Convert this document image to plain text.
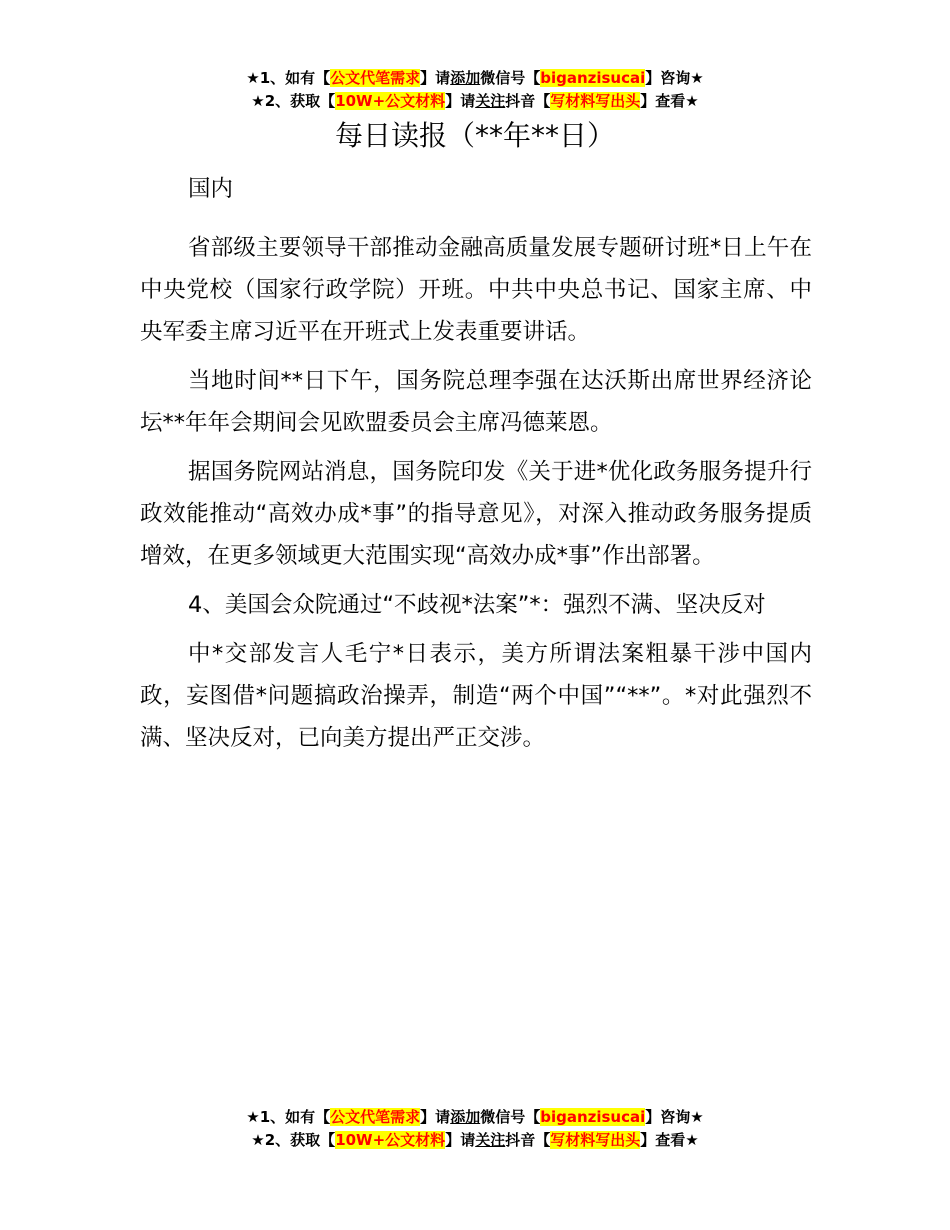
★1、如有【公文代笔需求】请添加微信号【biganzisucai】咨询★
★2、获取【10W+公文材料】请关注抖音【写材料写出头】查看★
每日读报（**年**日）

国内

省部级主要领导干部推动金融高质量发展专题研讨班*日上午在中央党校（国家行政学院）开班。中共中央总书记、国家主席、中央军委主席习近平在开班式上发表重要讲话。

当地时间**日下午，国务院总理李强在达沃斯出席世界经济论坛**年年会期间会见欧盟委员会主席冯德莱恩。

据国务院网站消息，国务院印发《关于进*优化政务服务提升行政效能推动“高效办成*事”的指导意见》，对深入推动政务服务提质增效，在更多领域更大范围实现“高效办成*事”作出部署。

4、美国会众院通过“不歧视*法案”*：强烈不满、坚决反对

中*交部发言人毛宁*日表示，美方所谓法案粗暴干涉中国内政，妄图借*问题搞政治操弄，制造“两个中国”“**”。*对此强烈不满、坚决反对，已向美方提出严正交涉。

★1、如有【公文代笔需求】请添加微信号【biganzisucai】咨询★
★2、获取【10W+公文材料】请关注抖音【写材料写出头】查看★
